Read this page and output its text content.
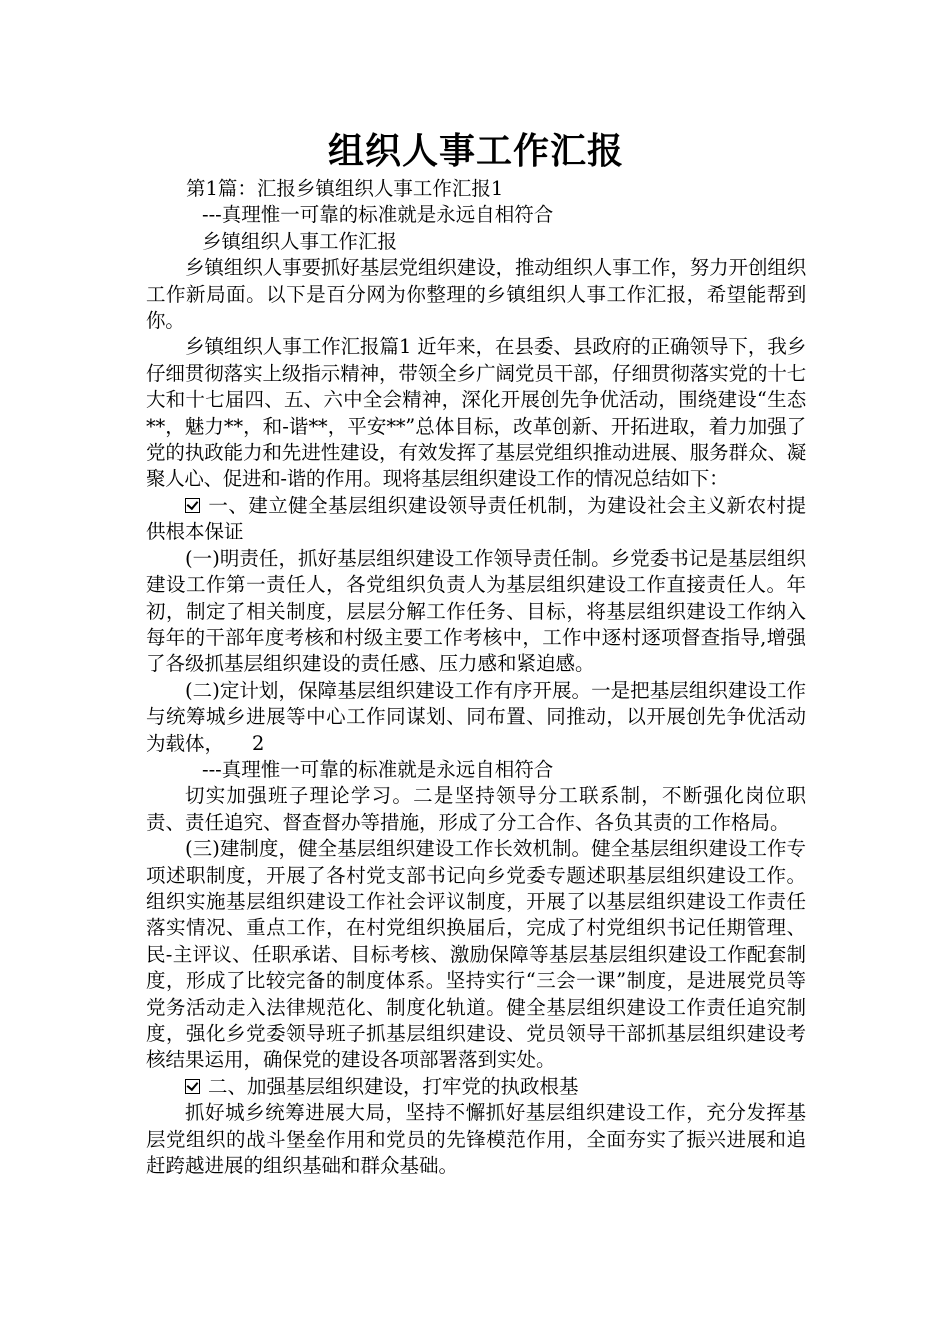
组织人事工作汇报

第1篇：汇报乡镇组织人事工作汇报1

---真理惟一可靠的标准就是永远自相符合

乡镇组织人事工作汇报

乡镇组织人事要抓好基层党组织建设，推动组织人事工作，努力开创组织工作新局面。以下是百分网为你整理的乡镇组织人事工作汇报，希望能帮到你。

乡镇组织人事工作汇报篇1 近年来，在县委、县政府的正确领导下，我乡仔细贯彻落实上级指示精神，带领全乡广阔党员干部，仔细贯彻落实党的十七大和十七届四、五、六中全会精神，深化开展创先争优活动，围绕建设“生态**，魅力**，和-谐**，平安**”总体目标，改革创新、开拓进取，着力加强了党的执政能力和先进性建设，有效发挥了基层党组织推动进展、服务群众、凝聚人心、促进和-谐的作用。现将基层组织建设工作的情况总结如下：

一、建立健全基层组织建设领导责任机制，为建设社会主义新农村提供根本保证

(一)明责任，抓好基层组织建设工作领导责任制。乡党委书记是基层组织建设工作第一责任人，各党组织负责人为基层组织建设工作直接责任人。年初，制定了相关制度，层层分解工作任务、目标，将基层组织建设工作纳入每年的干部年度考核和村级主要工作考核中，工作中逐村逐项督查指导,增强了各级抓基层组织建设的责任感、压力感和紧迫感。

(二)定计划，保障基层组织建设工作有序开展。一是把基层组织建设工作与统筹城乡进展等中心工作同谋划、同布置、同推动，以开展创先争优活动为载体， 2

---真理惟一可靠的标准就是永远自相符合

切实加强班子理论学习。二是坚持领导分工联系制，不断强化岗位职责、责任追究、督查督办等措施，形成了分工合作、各负其责的工作格局。

(三)建制度，健全基层组织建设工作长效机制。健全基层组织建设工作专项述职制度，开展了各村党支部书记向乡党委专题述职基层组织建设工作。组织实施基层组织建设工作社会评议制度，开展了以基层组织建设工作责任落实情况、重点工作，在村党组织换届后，完成了村党组织书记任期管理、民-主评议、任职承诺、目标考核、激励保障等基层基层组织建设工作配套制度，形成了比较完备的制度体系。坚持实行“三会一课”制度，是进展党员等党务活动走入法律规范化、制度化轨道。健全基层组织建设工作责任追究制度，强化乡党委领导班子抓基层组织建设、党员领导干部抓基层组织建设考核结果运用，确保党的建设各项部署落到实处。

二、加强基层组织建设，打牢党的执政根基

抓好城乡统筹进展大局，坚持不懈抓好基层组织建设工作，充分发挥基层党组织的战斗堡垒作用和党员的先锋模范作用，全面夯实了振兴进展和追赶跨越进展的组织基础和群众基础。
